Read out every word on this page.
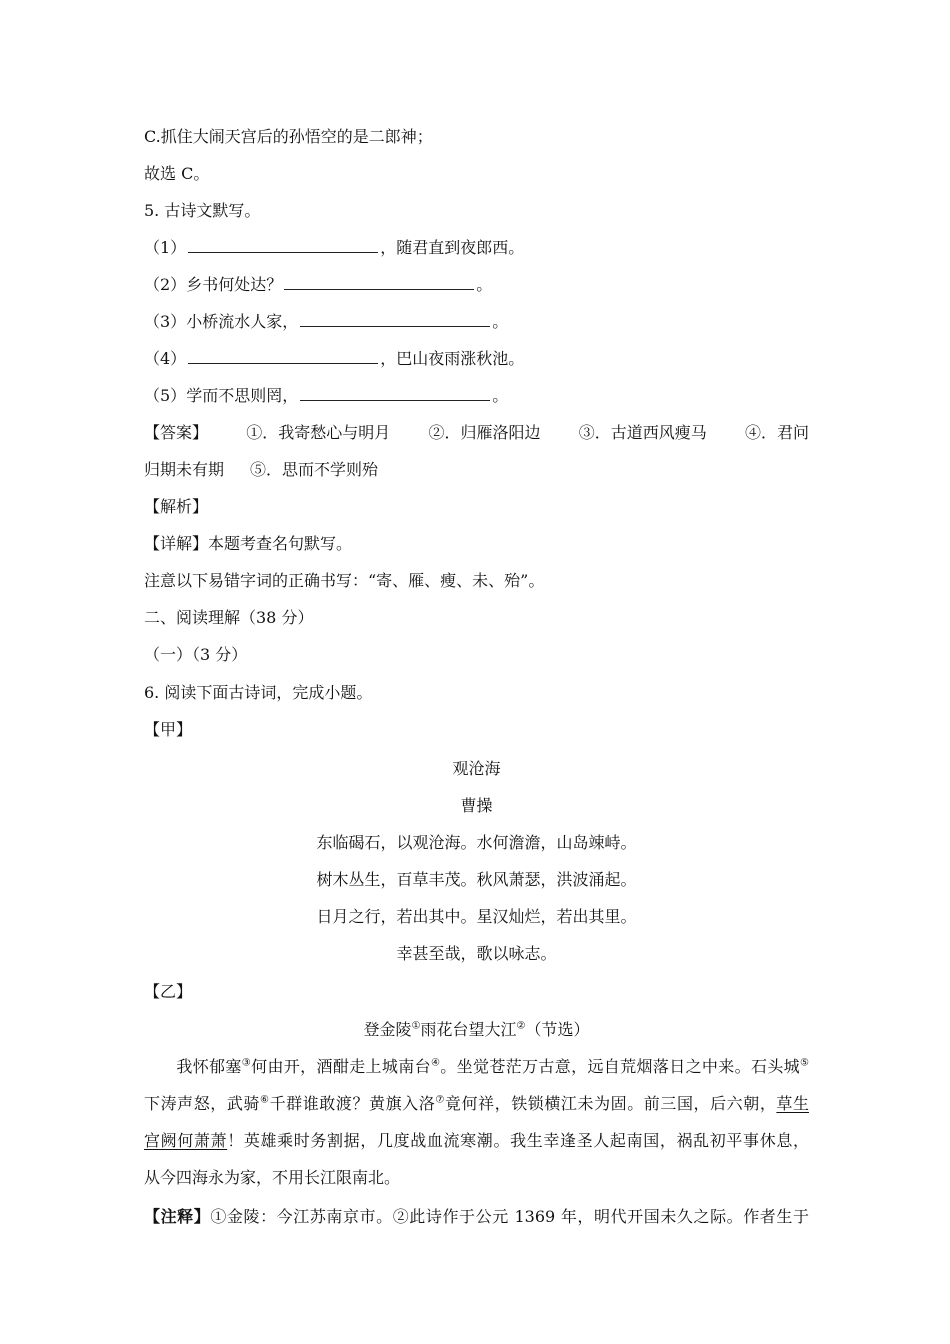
C.抓住大闹天宫后的孙悟空的是二郎神；
故选 C。
5. 古诗文默写。
（1）	，随君直到夜郎西。
（2）乡书何处达？	。
（3）小桥流水人家，	。
（4）	，巴山夜雨涨秋池。
（5）学而不思则罔，	。
【答案】 ①．我寄愁心与明月 ②．归雁洛阳边 ③．古道西风瘦马 ④．君问
归期未有期 ⑤．思而不学则殆
【解析】
【详解】本题考查名句默写。
注意以下易错字词的正确书写：“寄、雁、瘦、未、殆”。
二、阅读理解（38 分）
（一）（3 分）
6. 阅读下面古诗词，完成小题。
【甲】
观沧海
曹操
东临碣石，以观沧海。水何澹澹，山岛竦峙。
树木丛生，百草丰茂。秋风萧瑟，洪波涌起。
日月之行，若出其中。星汉灿烂，若出其里。
幸甚至哉，歌以咏志。
【乙】
登金陵①雨花台望大江②（节选）
我怀郁塞③何由开，酒酣走上城南台④。坐觉苍茫万古意，远自荒烟落日之中来。石头城⑤
下涛声怒，武骑⑥千群谁敢渡？黄旗入洛⑦竟何祥，铁锁横江未为固。前三国，后六朝，草生
宫阙何萧萧！英雄乘时务割据，几度战血流寒潮。我生幸逢圣人起南国，祸乱初平事休息，
从今四海永为家，不用长江限南北。
【注释】①金陵：今江苏南京市。②此诗作于公元 1369 年，明代开国未久之际。作者生于
